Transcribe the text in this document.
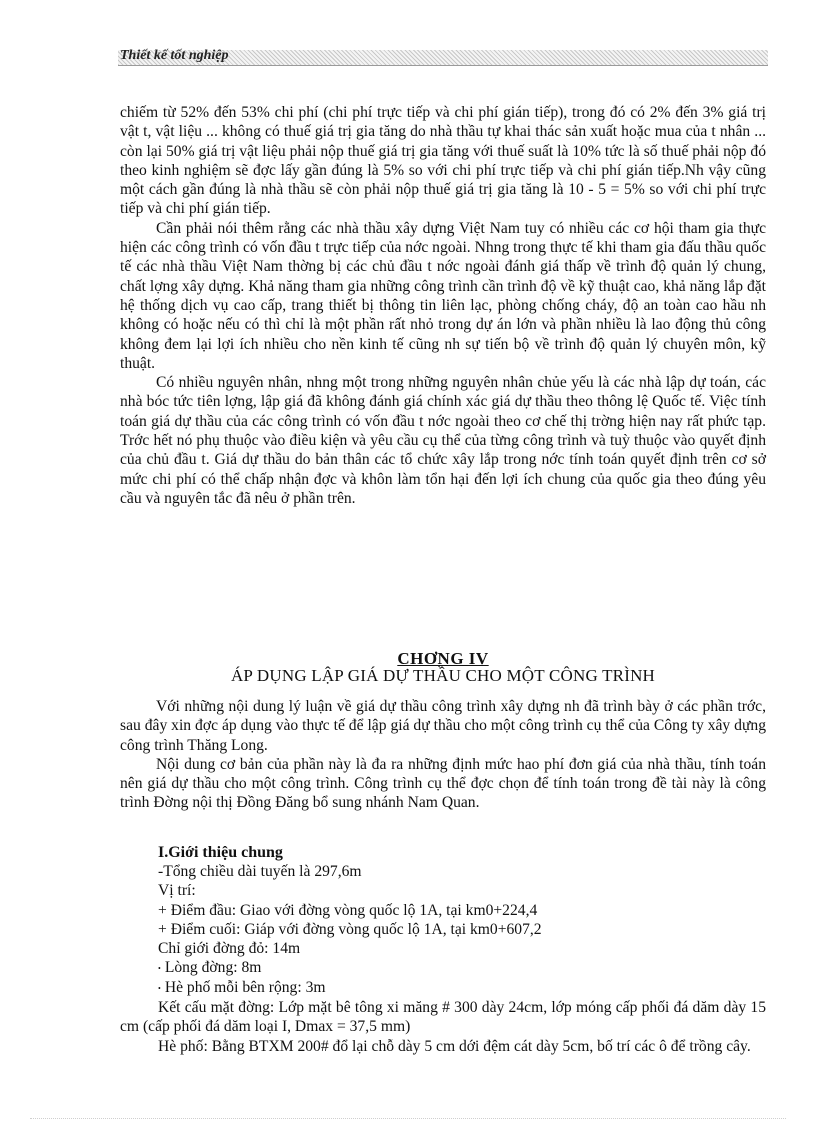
Thiết kế tốt nghiệp

chiếm từ 52% đến 53% chi phí (chi phí trực tiếp và chi phí gián tiếp), trong đó có 2% đến 3% giá trị vật t, vật liệu ... không có thuế giá trị gia tăng do nhà thầu tự khai thác sản xuất hoặc mua của t nhân ... còn lại 50% giá trị vật liệu phải nộp thuế giá trị gia tăng với thuế suất là 10% tức là số thuế phải nộp đó theo kinh nghiệm sẽ đợc lấy gần đúng là 5% so với chi phí trực tiếp và chi phí gián tiếp.Nh vậy cũng một cách gần đúng là nhà thầu sẽ còn phải nộp thuế giá trị gia tăng là 10 - 5 = 5% so với chi phí trực tiếp và chi phí gián tiếp.

Cần phải nói thêm rằng các nhà thầu xây dựng Việt Nam tuy có nhiều các cơ hội tham gia thực hiện các công trình có vốn đầu t trực tiếp của nớc ngoài. Nhng trong thực tế khi tham gia đấu thầu quốc tế các nhà thầu Việt Nam thờng bị các chủ đầu t nớc ngoài đánh giá thấp về trình độ quản lý chung, chất lợng xây dựng. Khả năng tham gia những công trình cần trình độ về kỹ thuật cao, khả năng lắp đặt hệ thống dịch vụ cao cấp, trang thiết bị thông tin liên lạc, phòng chống cháy, độ an toàn cao hầu nh không có hoặc nếu có thì chỉ là một phần rất nhỏ trong dự án lớn và phần nhiều là lao động thủ công không đem lại lợi ích nhiều cho nền kinh tế cũng nh sự tiến bộ về trình độ quản lý chuyên môn, kỹ thuật.

Có nhiều nguyên nhân, nhng một trong những nguyên nhân chủe yếu là các nhà lập dự toán, các nhà bóc tức tiên lợng, lập giá đã không đánh giá chính xác giá dự thầu theo thông lệ Quốc tế. Việc tính toán giá dự thầu của các công trình có vốn đầu t nớc ngoài theo cơ chế thị trờng hiện nay rất phức tạp. Trớc hết nó phụ thuộc vào điều kiện và yêu cầu cụ thể của từng công trình và tuỳ thuộc vào quyết định của chủ đầu t. Giá dự thầu do bản thân các tổ chức xây lắp trong nớc tính toán quyết định trên cơ sở mức chi phí có thể chấp nhận đợc và khôn làm tổn hại đến lợi ích chung của quốc gia theo đúng yêu cầu và nguyên tắc đã nêu ở phần trên.

CHƠNG IV
ÁP DỤNG LẬP GIÁ DỰ THẦU CHO MỘT CÔNG TRÌNH

Với những nội dung lý luận về giá dự thầu công trình xây dựng nh đã trình bày ở các phần trớc, sau đây xin đợc áp dụng vào thực tế để lập giá dự thầu cho một công trình cụ thể của Công ty xây dựng công trình Thăng Long.

Nội dung cơ bản của phần này là đa ra những định mức hao phí đơn giá của nhà thầu, tính toán nên giá dự thầu cho một công trình. Công trình cụ thể đợc chọn để tính toán trong đề tài này là công trình Đờng nội thị Đồng Đăng bổ sung nhánh Nam Quan.

I.Giới thiệu chung
-Tổng chiều dài tuyến là 297,6m
Vị trí:
+ Điểm đầu: Giao với đờng vòng quốc lộ 1A, tại km0+224,4
+ Điểm cuối: Giáp với đờng vòng quốc lộ 1A, tại km0+607,2
Chỉ giới đờng đỏ: 14m
• Lòng đờng: 8m
• Hè phố mỗi bên rộng: 3m

Kết cấu mặt đờng: Lớp mặt bê tông xi măng # 300 dày 24cm, lớp móng cấp phối đá dăm dày 15 cm (cấp phối đá dăm loại I, Dmax = 37,5 mm)

Hè phố: Bằng BTXM 200# đổ lại chỗ dày 5 cm dới đệm cát dày 5cm, bố trí các ô để trồng cây.
